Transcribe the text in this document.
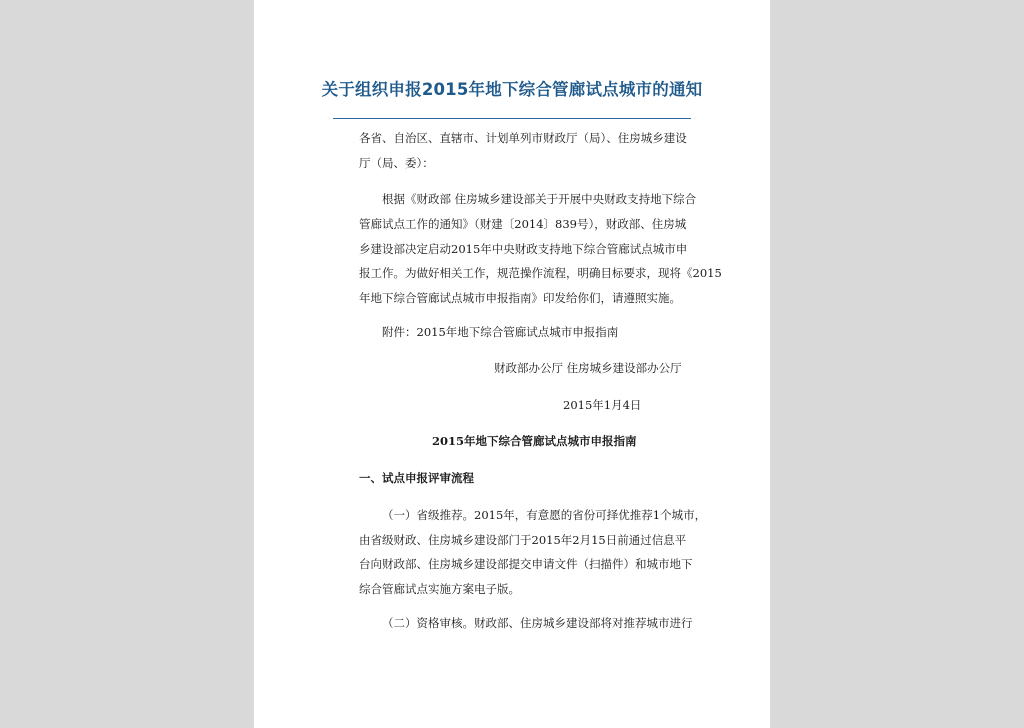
关于组织申报2015年地下综合管廊试点城市的通知
各省、自治区、直辖市、计划单列市财政厅（局）、住房城乡建设
厅（局、委）：
根据《财政部 住房城乡建设部关于开展中央财政支持地下综合
管廊试点工作的通知》（财建〔2014〕839号），财政部、住房城
乡建设部决定启动2015年中央财政支持地下综合管廊试点城市申
报工作。为做好相关工作，规范操作流程，明确目标要求，现将《2015
年地下综合管廊试点城市申报指南》印发给你们，请遵照实施。
附件：2015年地下综合管廊试点城市申报指南
财政部办公厅 住房城乡建设部办公厅
2015年1月4日
2015年地下综合管廊试点城市申报指南
一、试点申报评审流程
（一）省级推荐。2015年，有意愿的省份可择优推荐1个城市，
由省级财政、住房城乡建设部门于2015年2月15日前通过信息平
台向财政部、住房城乡建设部提交申请文件（扫描件）和城市地下
综合管廊试点实施方案电子版。
（二）资格审核。财政部、住房城乡建设部将对推荐城市进行
